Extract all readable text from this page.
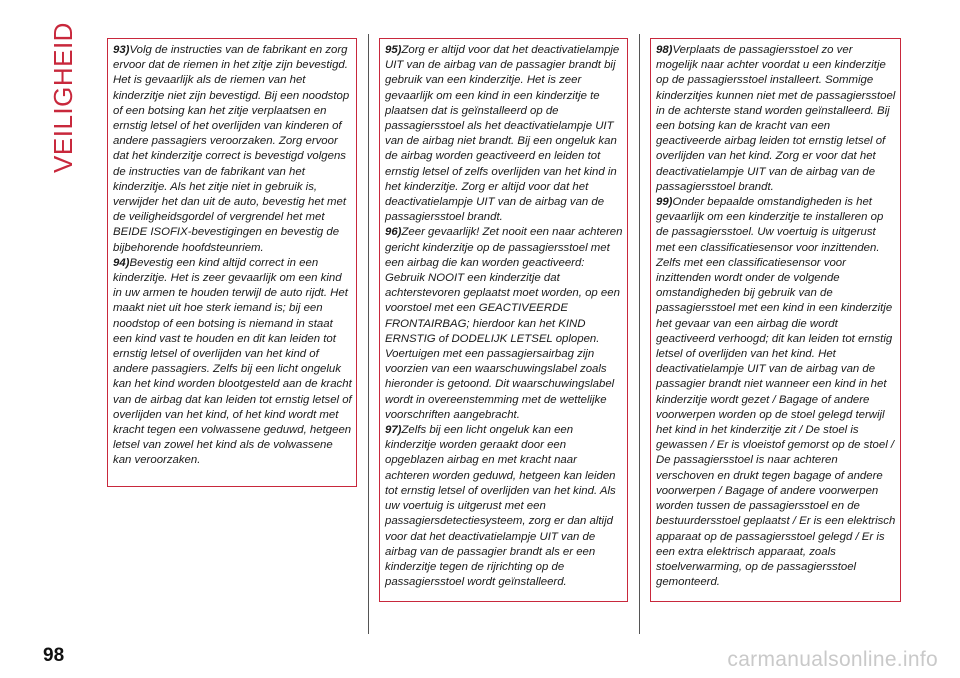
VEILIGHEID	93)Volg de instructies van de fabrikant en zorg ervoor dat de riemen in het zitje zijn bevestigd. Het is gevaarlijk als de riemen van het kinderzitje niet zijn bevestigd. Bij een noodstop of een botsing kan het zitje verplaatsen en ernstig letsel of het overlijden van kinderen of andere passagiers veroorzaken. Zorg ervoor dat het kinderzitje correct is bevestigd volgens de instructies van de fabrikant van het kinderzitje. Als het zitje niet in gebruik is, verwijder het dan uit de auto, bevestig het met de veiligheidsgordel of vergrendel het met BEIDE ISOFIX-bevestigingen en bevestig de bijbehorende hoofdsteunriem.

94)Bevestig een kind altijd correct in een kinderzitje. Het is zeer gevaarlijk om een kind in uw armen te houden terwijl de auto rijdt. Het maakt niet uit hoe sterk iemand is; bij een noodstop of een botsing is niemand in staat een kind vast te houden en dit kan leiden tot ernstig letsel of overlijden van het kind of andere passagiers. Zelfs bij een licht ongeluk kan het kind worden blootgesteld aan de kracht van de airbag dat kan leiden tot ernstig letsel of overlijden van het kind, of het kind wordt met kracht tegen een volwassene geduwd, hetgeen letsel van zowel het kind als de volwassene kan veroorzaken.

95)Zorg er altijd voor dat het deactivatielampje UIT van de airbag van de passagier brandt bij gebruik van een kinderzitje. Het is zeer gevaarlijk om een kind in een kinderzitje te plaatsen dat is geïnstalleerd op de passagiersstoel als het deactivatielampje UIT van de airbag niet brandt. Bij een ongeluk kan de airbag worden geactiveerd en leiden tot ernstig letsel of zelfs overlijden van het kind in het kinderzitje. Zorg er altijd voor dat het deactivatielampje UIT van de airbag van de passagiersstoel brandt.

96)Zeer gevaarlijk! Zet nooit een naar achteren gericht kinderzitje op de passagiersstoel met een airbag die kan worden geactiveerd: Gebruik NOOIT een kinderzitje dat achterstevoren geplaatst moet worden, op een voorstoel met een GEACTIVEERDE FRONTAIRBAG; hierdoor kan het KIND ERNSTIG of DODELIJK LETSEL oplopen. Voertuigen met een passagiersairbag zijn voorzien van een waarschuwingslabel zoals hieronder is getoond. Dit waarschuwingslabel wordt in overeenstemming met de wettelijke voorschriften aangebracht.

97)Zelfs bij een licht ongeluk kan een kinderzitje worden geraakt door een opgeblazen airbag en met kracht naar achteren worden geduwd, hetgeen kan leiden tot ernstig letsel of overlijden van het kind. Als uw voertuig is uitgerust met een passagiersdetectiesysteem, zorg er dan altijd voor dat het deactivatielampje UIT van de airbag van de passagier brandt als er een kinderzitje tegen de rijrichting op de passagiersstoel wordt geïnstalleerd.

98)Verplaats de passagiersstoel zo ver mogelijk naar achter voordat u een kinderzitje op de passagiersstoel installeert. Sommige kinderzitjes kunnen niet met de passagiersstoel in de achterste stand worden geïnstalleerd. Bij een botsing kan de kracht van een geactiveerde airbag leiden tot ernstig letsel of overlijden van het kind. Zorg er voor dat het deactivatielampje UIT van de airbag van de passagiersstoel brandt.

99)Onder bepaalde omstandigheden is het gevaarlijk om een kinderzitje te installeren op de passagiersstoel. Uw voertuig is uitgerust met een classificatiesensor voor inzittenden. Zelfs met een classificatiesensor voor inzittenden wordt onder de volgende omstandigheden bij gebruik van de passagiersstoel met een kind in een kinderzitje het gevaar van een airbag die wordt geactiveerd verhoogd; dit kan leiden tot ernstig letsel of overlijden van het kind. Het deactivatielampje UIT van de airbag van de passagier brandt niet wanneer een kind in het kinderzitje wordt gezet / Bagage of andere voorwerpen worden op de stoel gelegd terwijl het kind in het kinderzitje zit / De stoel is gewassen / Er is vloeistof gemorst op de stoel / De passagiersstoel is naar achteren verschoven en drukt tegen bagage of andere voorwerpen / Bagage of andere voorwerpen worden tussen de passagiersstoel en de bestuurdersstoel geplaatst / Er is een elektrisch apparaat op de passagiersstoel gelegd / Er is een extra elektrisch apparaat, zoals stoelverwarming, op de passagiersstoel gemonteerd.

98	carmanualsonline.info
